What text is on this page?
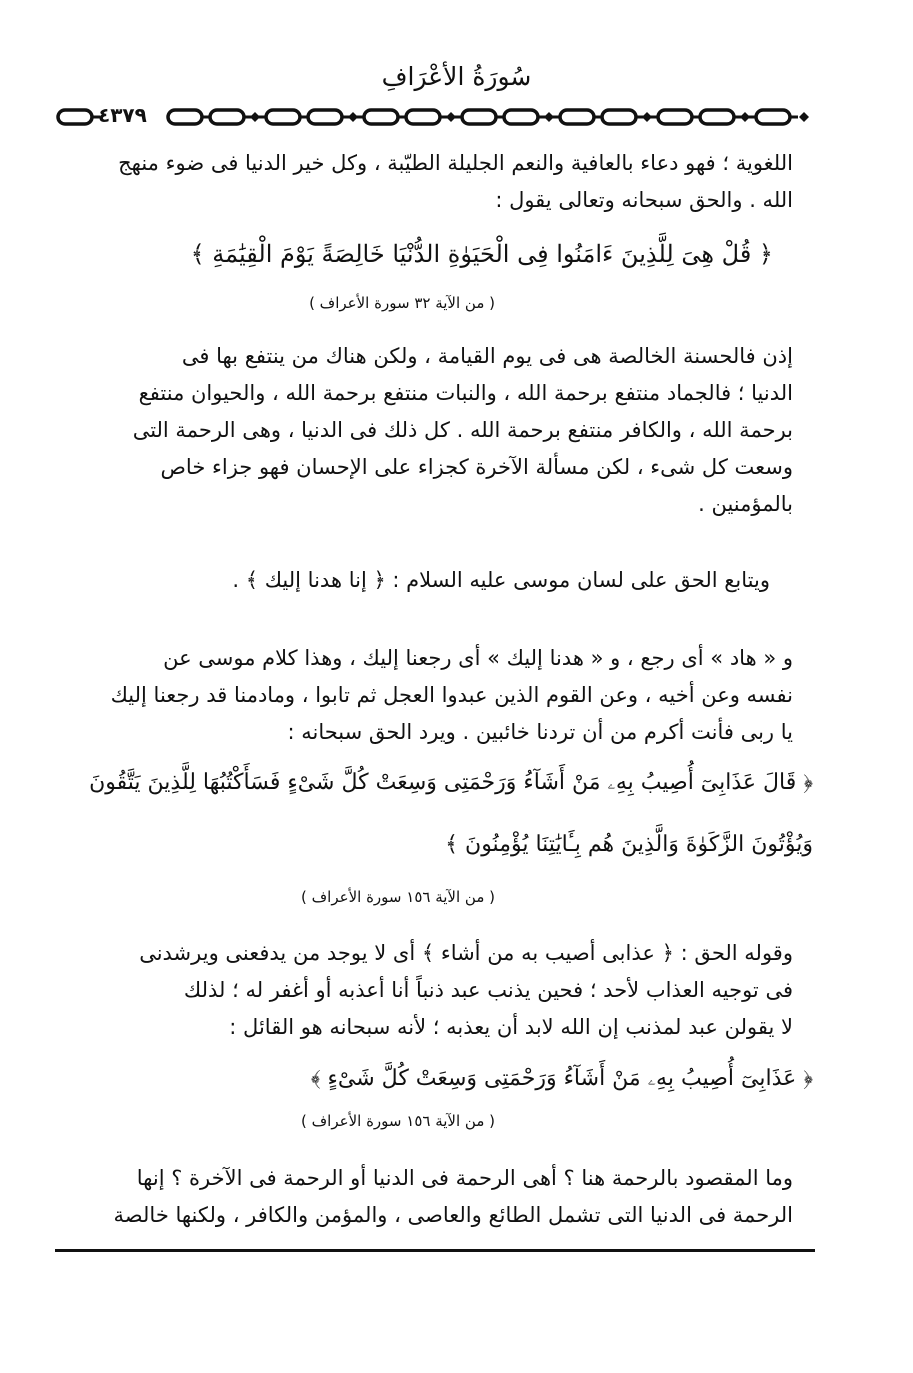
سُورَةُ الأعْرَافِ
٤٣٧٩
اللغوية ؛ فهو دعاء بالعافية والنعم الجليلة الطيّبة ، وكل خير الدنيا فى ضوء منهج
الله . والحق سبحانه وتعالى يقول :
﴿ قُلْ هِىَ لِلَّذِينَ ءَامَنُوا فِى الْحَيَوٰةِ الدُّنْيَا خَالِصَةً يَوْمَ الْقِيَٰمَةِ ﴾
( من الآية ٣٢ سورة الأعراف )
إذن فالحسنة الخالصة هى فى يوم القيامة ، ولكن هناك من ينتفع بها فى
الدنيا ؛ فالجماد منتفع برحمة الله ، والنبات منتفع برحمة الله ، والحيوان منتفع
برحمة الله ، والكافر منتفع برحمة الله . كل ذلك فى الدنيا ، وهى الرحمة التى
وسعت كل شىء ، لكن مسألة الآخرة كجزاء على الإحسان فهو جزاء خاص
بالمؤمنين .
ويتابع الحق على لسان موسى عليه السلام : ﴿ إنا هدنا إليك ﴾ .
و « هاد » أى رجع ، و « هدنا إليك » أى رجعنا إليك ، وهذا كلام موسى عن
نفسه وعن أخيه ، وعن القوم الذين عبدوا العجل ثم تابوا ، ومادمنا قد رجعنا إليك
يا ربى فأنت أكرم من أن تردنا خائبين . ويرد الحق سبحانه :
﴿ قَالَ عَذَابِىٓ أُصِيبُ بِهِۦ مَنْ أَشَآءُ وَرَحْمَتِى وَسِعَتْ كُلَّ شَىْءٍ فَسَأَكْتُبُهَا لِلَّذِينَ يَتَّقُونَ
وَيُؤْتُونَ الزَّكَوٰةَ وَالَّذِينَ هُم بِـَٔايَٰتِنَا يُؤْمِنُونَ ﴾
( من الآية ١٥٦ سورة الأعراف )
وقوله الحق : ﴿ عذابى أصيب به من أشاء ﴾ أى لا يوجد من يدفعنى ويرشدنى
فى توجيه العذاب لأحد ؛ فحين يذنب عبد ذنباً أنا أعذبه أو أغفر له ؛ لذلك
لا يقولن عبد لمذنب إن الله لابد أن يعذبه ؛ لأنه سبحانه هو القائل :
﴿ عَذَابِىٓ أُصِيبُ بِهِۦ مَنْ أَشَآءُ وَرَحْمَتِى وَسِعَتْ كُلَّ شَىْءٍ ﴾
( من الآية ١٥٦ سورة الأعراف )
وما المقصود بالرحمة هنا ؟ أهى الرحمة فى الدنيا أو الرحمة فى الآخرة ؟ إنها
الرحمة فى الدنيا التى تشمل الطائع والعاصى ، والمؤمن والكافر ، ولكنها خالصة
